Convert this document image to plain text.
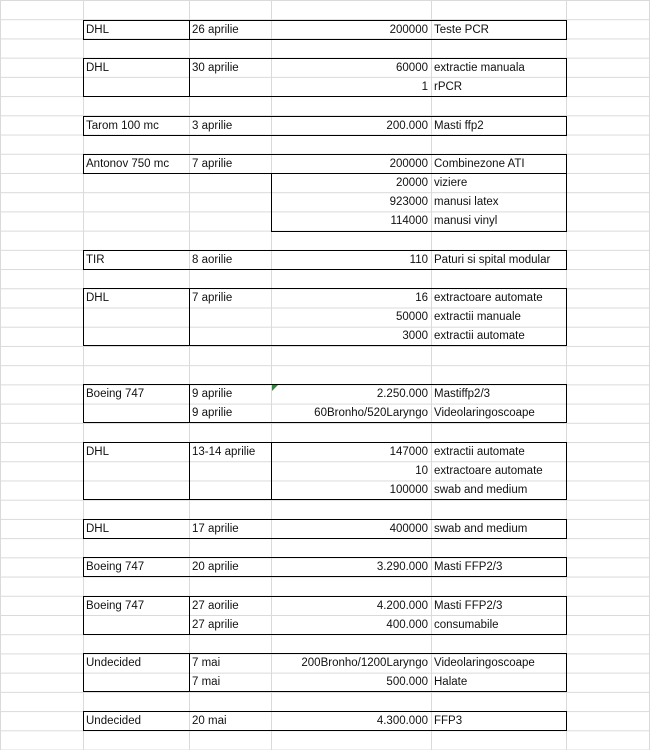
DHL	26 aprilie	200000 Teste PCR
DHL	30 aprilie	60000 extractie manuala
1 rPCR
Tarom 100 mc	3 aprilie	200.000 Masti ffp2
Antonov 750 mc	7 aprilie	200000 Combinezone ATI
20000 viziere
923000 manusi latex
114000 manusi vinyl
TIR	8 aorilie	110 Paturi si spital modular
DHL	7 aprilie	16 extractoare automate
50000 extractii manuale
3000 extractii automate
Boeing 747	9 aprilie	2.250.000 Mastiffp2/3
9 aprilie	60Bronho/520Laryngo Videolaringoscoape
DHL	13-14 aprilie	147000 extractii automate
10 extractoare automate
100000 swab and medium
DHL	17 aprilie	400000 swab and medium
Boeing 747	20 aprilie	3.290.000 Masti FFP2/3
Boeing 747	27 aorilie	4.200.000 Masti FFP2/3
27 aprilie	400.000 consumabile
Undecided	7 mai	200Bronho/1200Laryngo Videolaringoscoape
7 mai	500.000 Halate
Undecided	20 mai	4.300.000 FFP3
